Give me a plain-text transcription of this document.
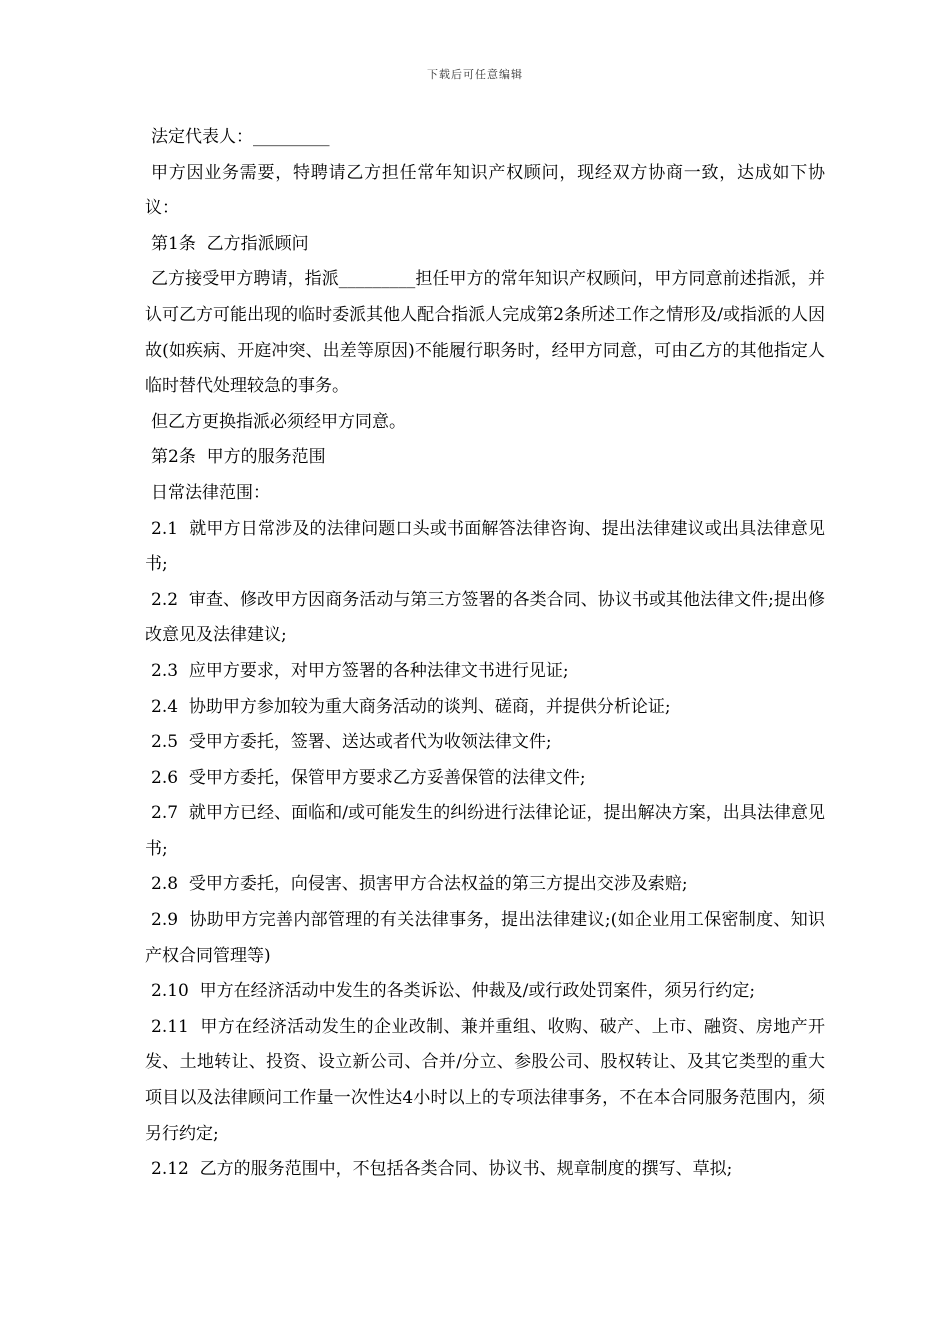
下载后可任意编辑

法定代表人：_________

甲方因业务需要，特聘请乙方担任常年知识产权顾问，现经双方协商一致，达成如下协议：

第1条  乙方指派顾问

乙方接受甲方聘请，指派_________担任甲方的常年知识产权顾问，甲方同意前述指派，并认可乙方可能出现的临时委派其他人配合指派人完成第2条所述工作之情形及/或指派的人因故(如疾病、开庭冲突、出差等原因)不能履行职务时，经甲方同意，可由乙方的其他指定人临时替代处理较急的事务。

但乙方更换指派必须经甲方同意。

第2条  甲方的服务范围

日常法律范围：

2.1  就甲方日常涉及的法律问题口头或书面解答法律咨询、提出法律建议或出具法律意见书;

2.2  审查、修改甲方因商务活动与第三方签署的各类合同、协议书或其他法律文件;提出修改意见及法律建议;

2.3  应甲方要求，对甲方签署的各种法律文书进行见证;

2.4  协助甲方参加较为重大商务活动的谈判、磋商，并提供分析论证;

2.5  受甲方委托，签署、送达或者代为收领法律文件;

2.6  受甲方委托，保管甲方要求乙方妥善保管的法律文件;

2.7  就甲方已经、面临和/或可能发生的纠纷进行法律论证，提出解决方案，出具法律意见书;

2.8  受甲方委托，向侵害、损害甲方合法权益的第三方提出交涉及索赔;

2.9  协助甲方完善内部管理的有关法律事务，提出法律建议;(如企业用工保密制度、知识产权合同管理等)

2.10  甲方在经济活动中发生的各类诉讼、仲裁及/或行政处罚案件，须另行约定;

2.11  甲方在经济活动发生的企业改制、兼并重组、收购、破产、上市、融资、房地产开发、土地转让、投资、设立新公司、合并/分立、参股公司、股权转让、及其它类型的重大项目以及法律顾问工作量一次性达4小时以上的专项法律事务，不在本合同服务范围内，须另行约定;

2.12  乙方的服务范围中，不包括各类合同、协议书、规章制度的撰写、草拟;
